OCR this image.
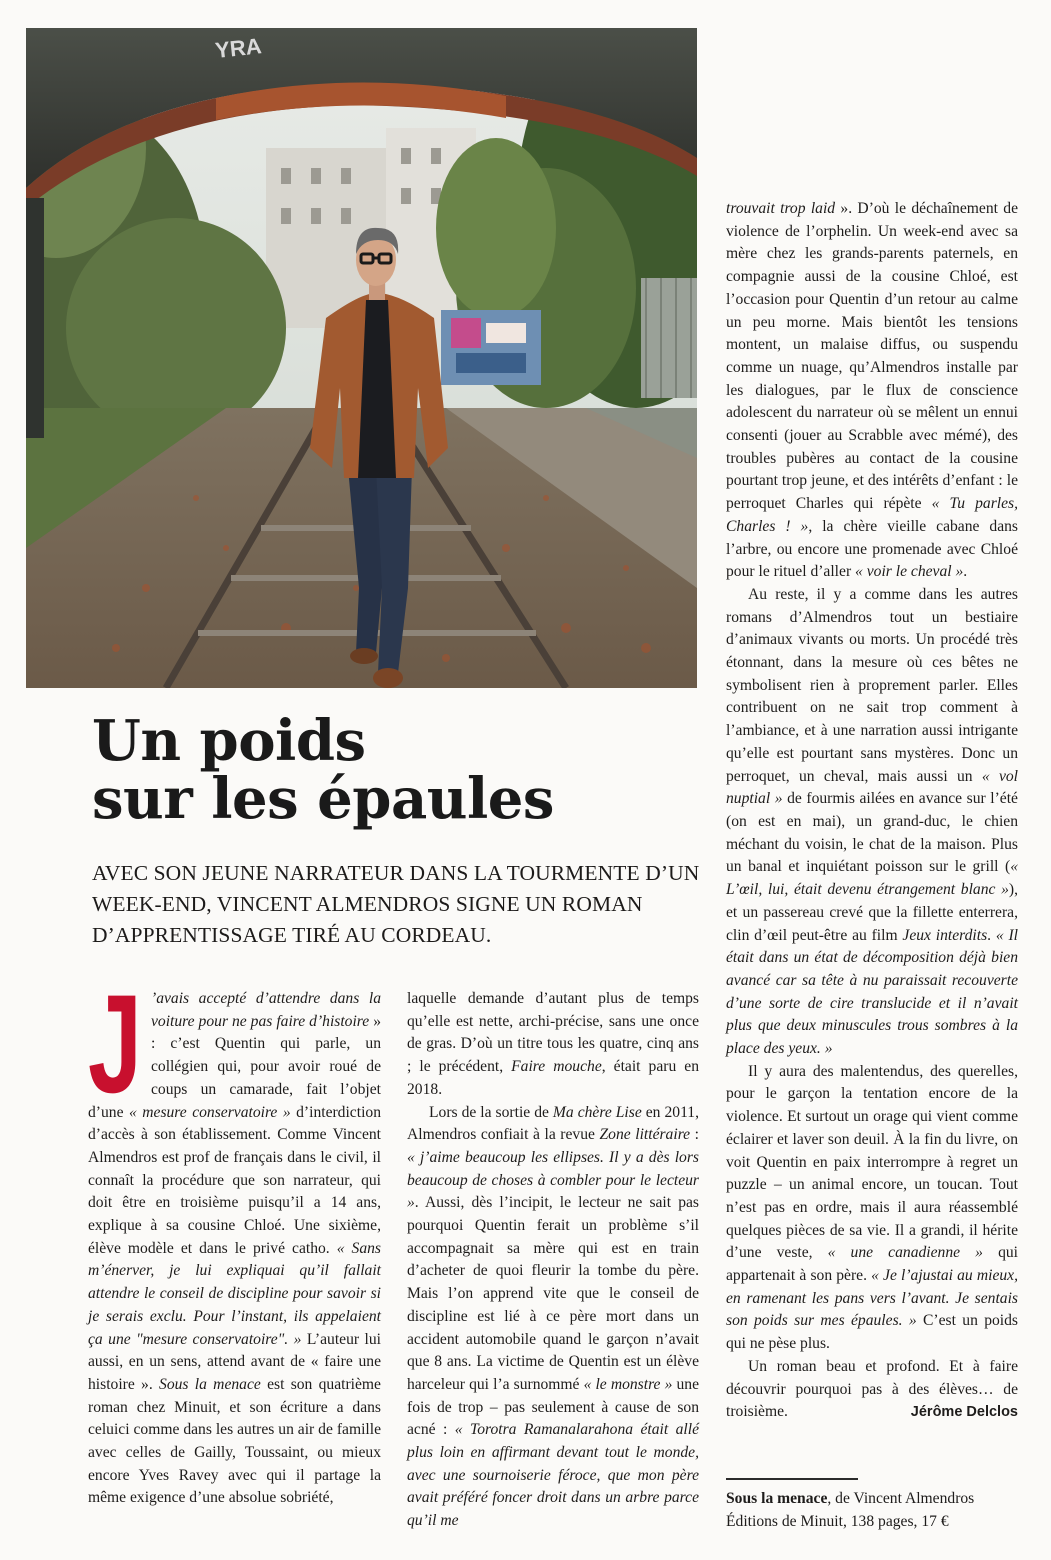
YRA
Un poids
sur les épaules

AVEC SON JEUNE NARRATEUR DANS LA TOURMENTE D’UN WEEK-END, VINCENT ALMENDROS SIGNE UN ROMAN D’APPRENTISSAGE TIRÉ AU CORDEAU.

J ’avais accepté d’attendre dans la voiture pour ne pas faire d’histoire » : c’est Quentin qui parle, un collégien qui, pour avoir roué de coups un camarade, fait l’objet d’une « mesure conservatoire » d’interdiction d’accès à son établissement. Comme Vincent Almendros est prof de français dans le civil, il connaît la procédure que son narrateur, qui doit être en troisième puisqu’il a 14 ans, explique à sa cousine Chloé. Une sixième, élève modèle et dans le privé catho. « Sans m’énerver, je lui expliquai qu’il fallait attendre le conseil de discipline pour savoir si je serais exclu. Pour l’instant, ils appelaient ça une "mesure conservatoire". » L’auteur lui aussi, en un sens, attend avant de « faire une histoire ». Sous la menace est son quatrième roman chez Minuit, et son écriture a dans celuici comme dans les autres un air de famille avec celles de Gailly, Toussaint, ou mieux encore Yves Ravey avec qui il partage la même exigence d’une absolue sobriété,

laquelle demande d’autant plus de temps qu’elle est nette, archi-précise, sans une once de gras. D’où un titre tous les quatre, cinq ans ; le précédent, Faire mouche, était paru en 2018.

Lors de la sortie de Ma chère Lise en 2011, Almendros confiait à la revue Zone littéraire : « j’aime beaucoup les ellipses. Il y a dès lors beaucoup de choses à combler pour le lecteur ». Aussi, dès l’incipit, le lecteur ne sait pas pourquoi Quentin ferait un problème s’il accompagnait sa mère qui est en train d’acheter de quoi fleurir la tombe du père. Mais l’on apprend vite que le conseil de discipline est lié à ce père mort dans un accident automobile quand le garçon n’avait que 8 ans. La victime de Quentin est un élève harceleur qui l’a surnommé « le monstre » une fois de trop – pas seulement à cause de son acné : « Torotra Ramanalarahona était allé plus loin en affirmant devant tout le monde, avec une sournoiserie féroce, que mon père avait préféré foncer droit dans un arbre parce qu’il me

trouvait trop laid ». D’où le déchaînement de violence de l’orphelin. Un week-end avec sa mère chez les grands-parents paternels, en compagnie aussi de la cousine Chloé, est l’occasion pour Quentin d’un retour au calme un peu morne. Mais bientôt les tensions montent, un malaise diffus, ou suspendu comme un nuage, qu’Almendros installe par les dialogues, par le flux de conscience adolescent du narrateur où se mêlent un ennui consenti (jouer au Scrabble avec mémé), des troubles pubères au contact de la cousine pourtant trop jeune, et des intérêts d’enfant : le perroquet Charles qui répète « Tu parles, Charles ! », la chère vieille cabane dans l’arbre, ou encore une promenade avec Chloé pour le rituel d’aller « voir le cheval ».

Au reste, il y a comme dans les autres romans d’Almendros tout un bestiaire d’animaux vivants ou morts. Un procédé très étonnant, dans la mesure où ces bêtes ne symbolisent rien à proprement parler. Elles contribuent on ne sait trop comment à l’ambiance, et à une narration aussi intrigante qu’elle est pourtant sans mystères. Donc un perroquet, un cheval, mais aussi un « vol nuptial » de fourmis ailées en avance sur l’été (on est en mai), un grand-duc, le chien méchant du voisin, le chat de la maison. Plus un banal et inquiétant poisson sur le grill (« L’œil, lui, était devenu étrangement blanc »), et un passereau crevé que la fillette enterrera, clin d’œil peut-être au film Jeux interdits. « Il était dans un état de décomposition déjà bien avancé car sa tête à nu paraissait recouverte d’une sorte de cire translucide et il n’avait plus que deux minuscules trous sombres à la place des yeux. »

Il y aura des malentendus, des querelles, pour le garçon la tentation encore de la violence. Et surtout un orage qui vient comme éclairer et laver son deuil. À la fin du livre, on voit Quentin en paix interrompre à regret un puzzle – un animal encore, un toucan. Tout n’est pas en ordre, mais il aura réassemblé quelques pièces de sa vie. Il a grandi, il hérite d’une veste, « une canadienne » qui appartenait à son père. « Je l’ajustai au mieux, en ramenant les pans vers l’avant. Je sentais son poids sur mes épaules. » C’est un poids qui ne pèse plus.

Un roman beau et profond. Et à faire découvrir pourquoi pas à des élèves… de troisième.	Jérôme Delclos

Sous la menace, de Vincent Almendros
Éditions de Minuit, 138 pages, 17 €
